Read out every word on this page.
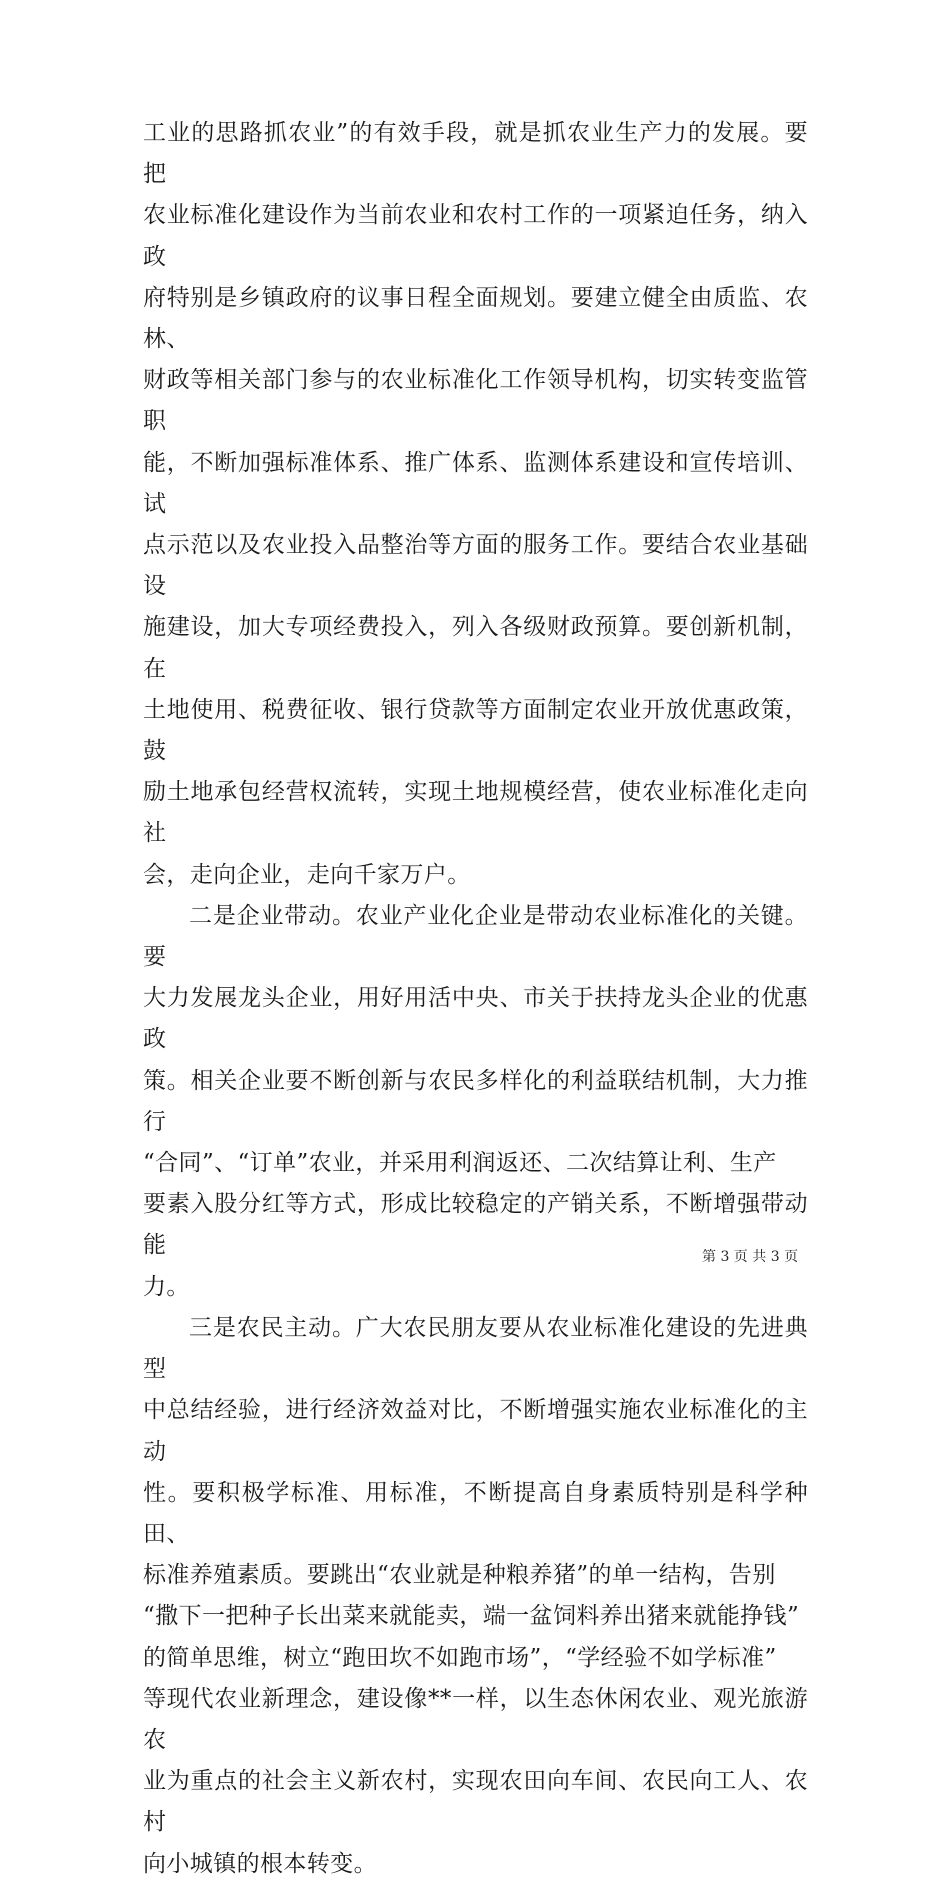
工业的思路抓农业”的有效手段，就是抓农业生产力的发展。要把
农业标准化建设作为当前农业和农村工作的一项紧迫任务，纳入政
府特别是乡镇政府的议事日程全面规划。要建立健全由质监、农林、
财政等相关部门参与的农业标准化工作领导机构，切实转变监管职
能，不断加强标准体系、推广体系、监测体系建设和宣传培训、试
点示范以及农业投入品整治等方面的服务工作。要结合农业基础设
施建设，加大专项经费投入，列入各级财政预算。要创新机制，在
土地使用、税费征收、银行贷款等方面制定农业开放优惠政策，鼓
励土地承包经营权流转，实现土地规模经营，使农业标准化走向社
会，走向企业，走向千家万户。

二是企业带动。农业产业化企业是带动农业标准化的关键。要
大力发展龙头企业，用好用活中央、市关于扶持龙头企业的优惠政
策。相关企业要不断创新与农民多样化的利益联结机制，大力推行
“合同”、“订单”农业，并采用利润返还、二次结算让利、生产
要素入股分红等方式，形成比较稳定的产销关系，不断增强带动能
力。

三是农民主动。广大农民朋友要从农业标准化建设的先进典型
中总结经验，进行经济效益对比，不断增强实施农业标准化的主动
性。要积极学标准、用标准，不断提高自身素质特别是科学种田、
标准养殖素质。要跳出“农业就是种粮养猪”的单一结构，告别
“撒下一把种子长出菜来就能卖，端一盆饲料养出猪来就能挣钱”
的简单思维，树立“跑田坎不如跑市场”，“学经验不如学标准”
等现代农业新理念，建设像**一样，以生态休闲农业、观光旅游农
业为重点的社会主义新农村，实现农田向车间、农民向工人、农村
向小城镇的根本转变。

第 3 页 共 3 页
